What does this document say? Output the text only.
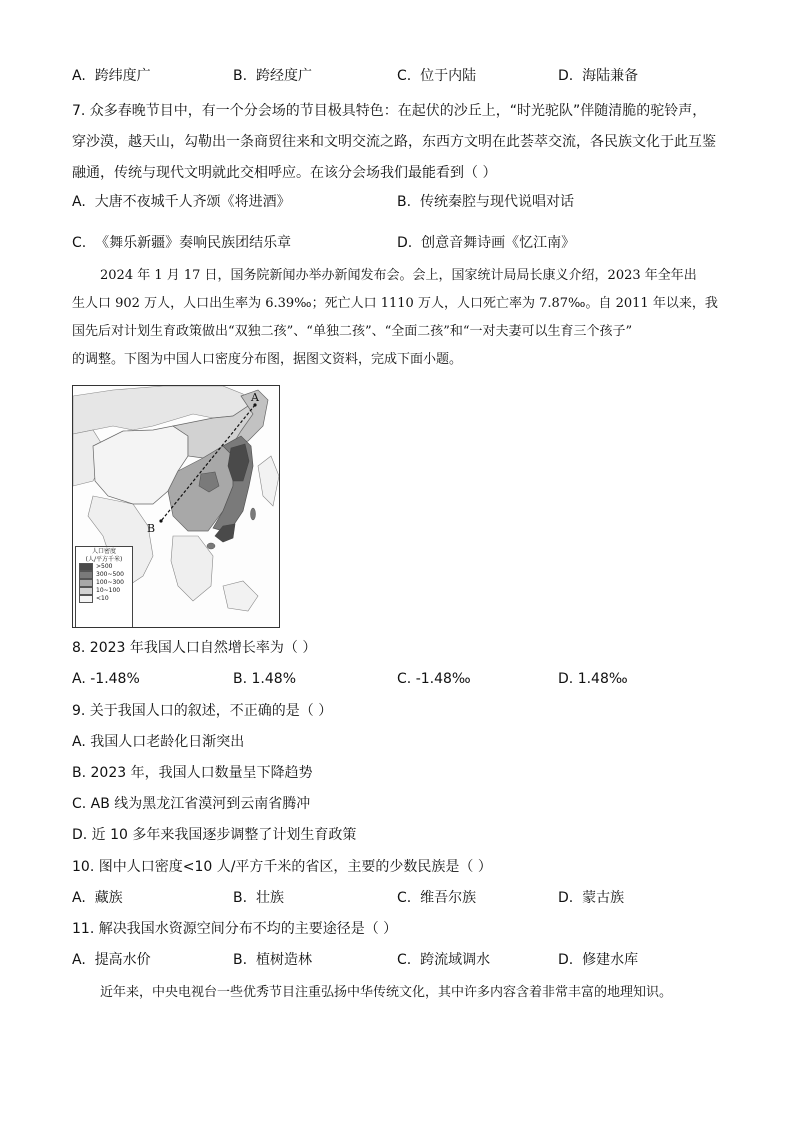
A. 跨纬度广	B. 跨经度广	C. 位于内陆	D. 海陆兼备

7. 众多春晚节目中，有一个分会场的节目极具特色：在起伏的沙丘上，“时光驼队”伴随清脆的驼铃声，

穿沙漠，越天山，勾勒出一条商贸往来和文明交流之路，东西方文明在此荟萃交流，各民族文化于此互鉴

融通，传统与现代文明就此交相呼应。在该分会场我们最能看到（ ）

A. 大唐不夜城千人齐颂《将进酒》	B. 传统秦腔与现代说唱对话
C. 《舞乐新疆》奏响民族团结乐章	D. 创意音舞诗画《忆江南》
2024 年 1 月 17 日，国务院新闻办举办新闻发布会。会上，国家统计局局长康义介绍，2023 年全年出
生人口 902 万人，人口出生率为 6.39‰；死亡人口 1110 万人，人口死亡率为 7.87‰。自 2011 年以来，我
国先后对计划生育政策做出“双独二孩”、“单独二孩”、“全面二孩”和“一对夫妻可以生育三个孩子”
的调整。下图为中国人口密度分布图，据图文资料，完成下面小题。
A
B
人口密度
(人/平方千米)
>500
300~500
100~300
10~100
<10
8. 2023 年我国人口自然增长率为（ ）
A. -1.48%	B. 1.48%	C. -1.48‰	D. 1.48‰
9. 关于我国人口的叙述，不正确的是（ ）
A. 我国人口老龄化日渐突出
B. 2023 年，我国人口数量呈下降趋势
C. AB 线为黑龙江省漠河到云南省腾冲
D. 近 10 多年来我国逐步调整了计划生育政策
10. 图中人口密度<10 人/平方千米的省区，主要的少数民族是（ ）
A. 藏族	B. 壮族	C. 维吾尔族	D. 蒙古族
11. 解决我国水资源空间分布不均的主要途径是（ ）
A. 提高水价	B. 植树造林	C. 跨流域调水	D. 修建水库
近年来，中央电视台一些优秀节目注重弘扬中华传统文化，其中许多内容含着非常丰富的地理知识。
